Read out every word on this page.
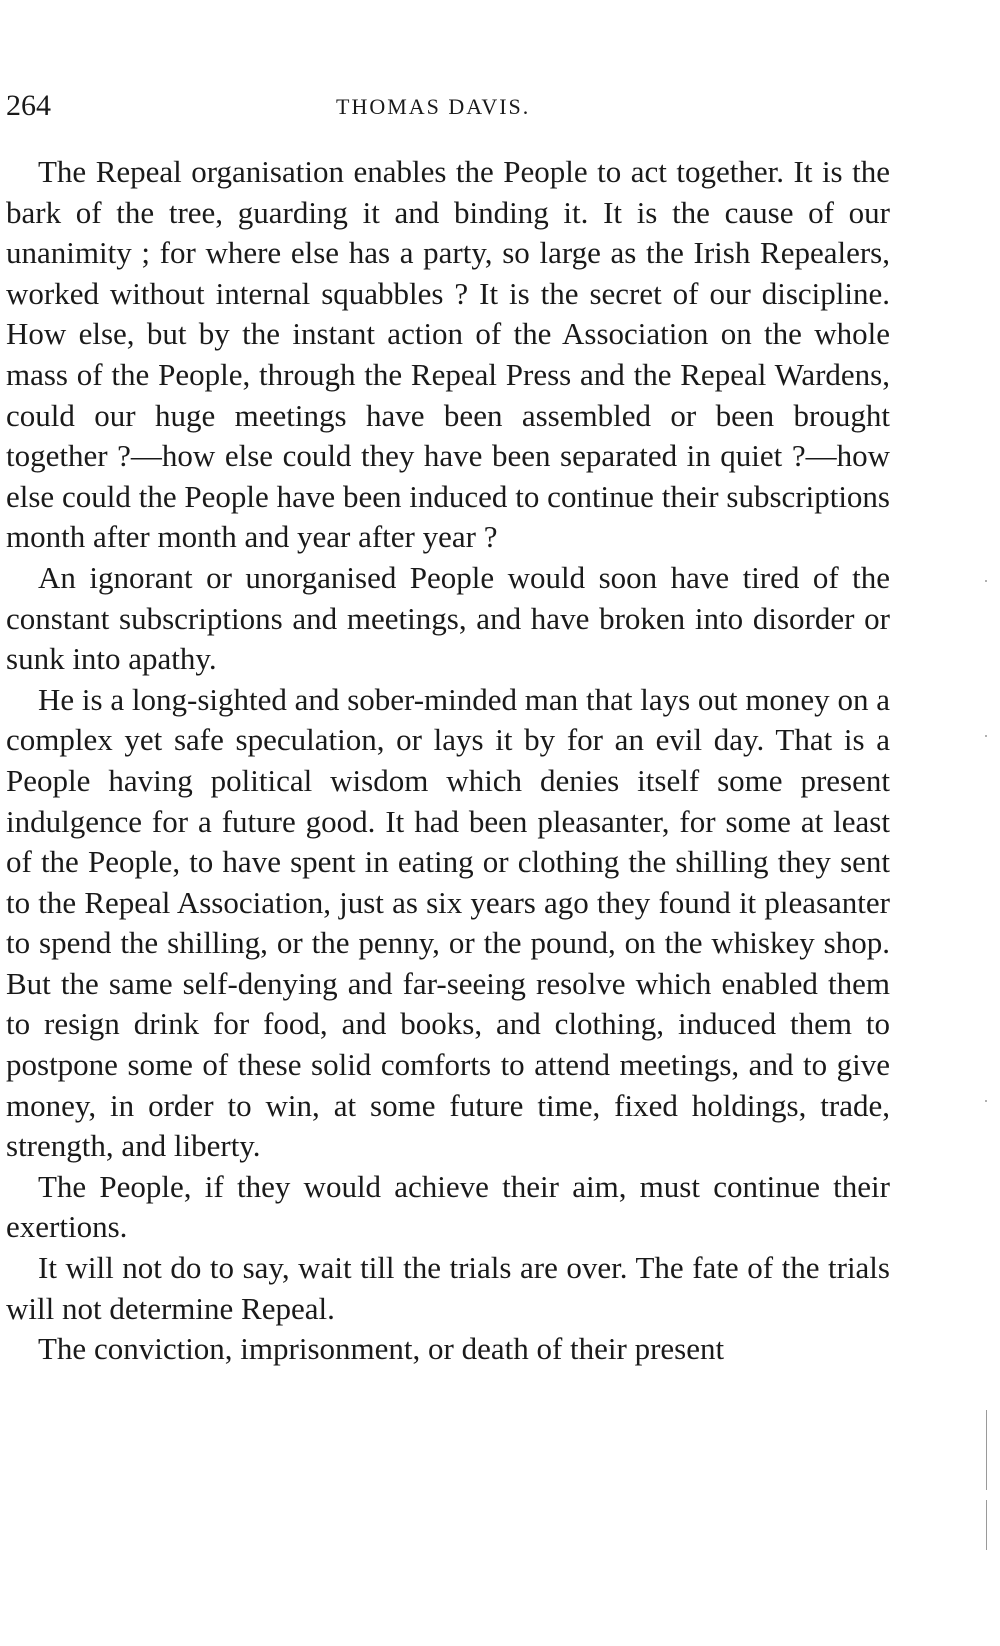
264	THOMAS DAVIS.

The Repeal organisation enables the People to act together. It is the bark of the tree, guarding it and binding it. It is the cause of our unanimity ; for where else has a party, so large as the Irish Repealers, worked without internal squabbles ? It is the secret of our discipline. How else, but by the instant action of the Association on the whole mass of the People, through the Repeal Press and the Repeal Wardens, could our huge meetings have been assembled or been brought together ?—how else could they have been separated in quiet ?—how else could the People have been induced to continue their subscriptions month after month and year after year ?

An ignorant or unorganised People would soon have tired of the constant subscriptions and meetings, and have broken into disorder or sunk into apathy.

He is a long-sighted and sober-minded man that lays out money on a complex yet safe speculation, or lays it by for an evil day. That is a People having political wisdom which denies itself some present indulgence for a future good. It had been pleasanter, for some at least of the People, to have spent in eating or clothing the shilling they sent to the Repeal Association, just as six years ago they found it pleasanter to spend the shilling, or the penny, or the pound, on the whiskey shop. But the same self-denying and far-seeing resolve which enabled them to resign drink for food, and books, and clothing, induced them to postpone some of these solid comforts to attend meetings, and to give money, in order to win, at some future time, fixed holdings, trade, strength, and liberty.

The People, if they would achieve their aim, must continue their exertions.

It will not do to say, wait till the trials are over. The fate of the trials will not determine Repeal.

The conviction, imprisonment, or death of their present
